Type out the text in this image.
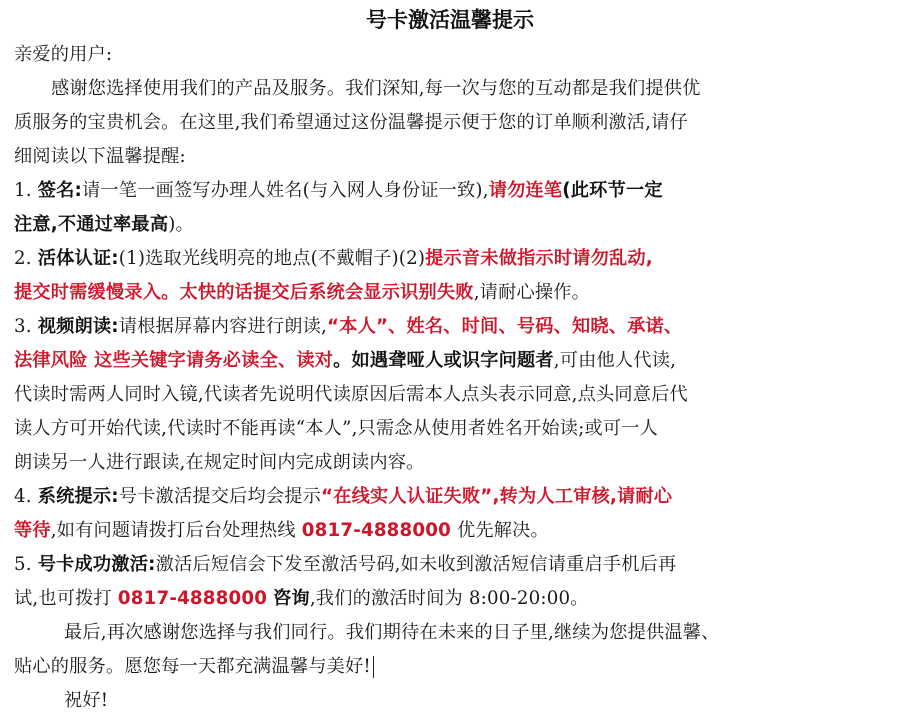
号卡激活温馨提示
亲爱的用户:
感谢您选择使用我们的产品及服务。我们深知,每一次与您的互动都是我们提供优
质服务的宝贵机会。在这里,我们希望通过这份温馨提示便于您的订单顺利激活,请仔
细阅读以下温馨提醒:
1. 签名:请一笔一画签写办理人姓名(与入网人身份证一致),请勿连笔(此环节一定
注意,不通过率最高)。
2. 活体认证:(1)选取光线明亮的地点(不戴帽子)(2)提示音未做指示时请勿乱动,
提交时需缓慢录入。太快的话提交后系统会显示识别失败,请耐心操作。
3. 视频朗读:请根据屏幕内容进行朗读,“本人”、姓名、时间、号码、知晓、承诺、
法律风险 这些关键字请务必读全、读对。如遇聋哑人或识字问题者,可由他人代读,
代读时需两人同时入镜,代读者先说明代读原因后需本人点头表示同意,点头同意后代
读人方可开始代读,代读时不能再读“本人”,只需念从使用者姓名开始读;或可一人
朗读另一人进行跟读,在规定时间内完成朗读内容。
4. 系统提示:号卡激活提交后均会提示“在线实人认证失败”,转为人工审核,请耐心
等待,如有问题请拨打后台处理热线 0817-4888000 优先解决。
5. 号卡成功激活:激活后短信会下发至激活号码,如未收到激活短信请重启手机后再
试,也可拨打 0817-4888000 咨询,我们的激活时间为 8:00-20:00。
最后,再次感谢您选择与我们同行。我们期待在未来的日子里,继续为您提供温馨、
贴心的服务。愿您每一天都充满温馨与美好!
祝好!
